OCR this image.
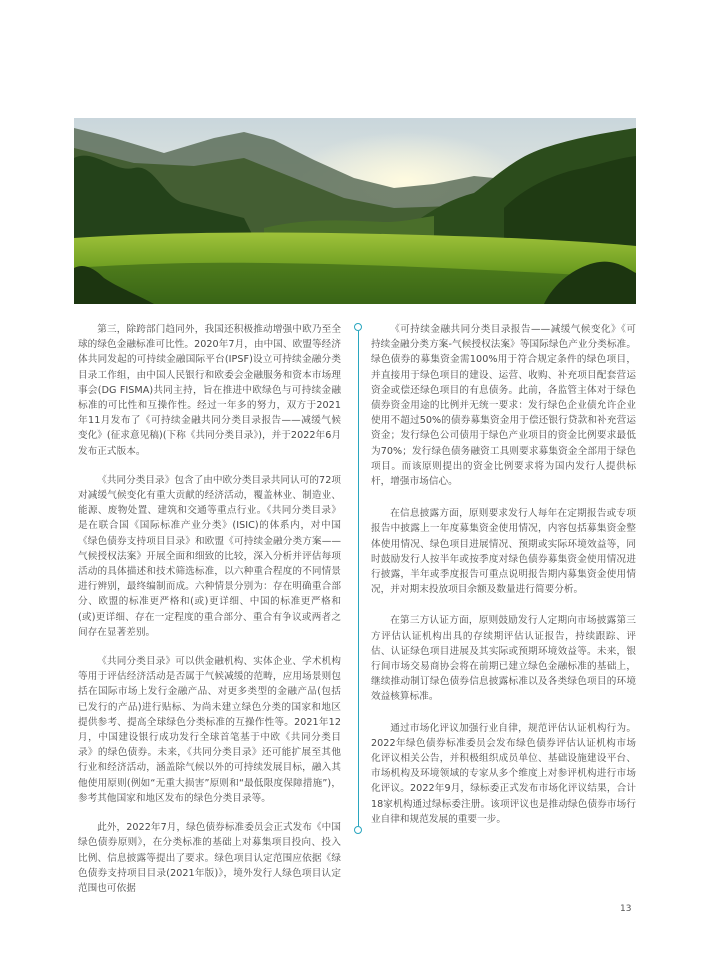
第三，除跨部门趋同外，我国还积极推动增强中欧乃至全球的绿色金融标准可比性。2020年7月，由中国、欧盟等经济体共同发起的可持续金融国际平台(IPSF)设立可持续金融分类目录工作组，由中国人民银行和欧委会金融服务和资本市场理事会(DG FISMA)共同主持，旨在推进中欧绿色与可持续金融标准的可比性和互操作性。经过一年多的努力，双方于2021年11月发布了《可持续金融共同分类目录报告——减缓气候变化》(征求意见稿)(下称《共同分类目录》)，并于2022年6月发布正式版本。

《共同分类目录》包含了由中欧分类目录共同认可的72项对减缓气候变化有重大贡献的经济活动，覆盖林业、制造业、能源、废物处置、建筑和交通等重点行业。《共同分类目录》是在联合国《国际标准产业分类》(ISIC)的体系内，对中国《绿色债券支持项目目录》和欧盟《可持续金融分类方案——气候授权法案》开展全面和细致的比较，深入分析并评估每项活动的具体描述和技术筛选标准，以六种重合程度的不同情景进行辨别，最终编制而成。六种情景分别为：存在明确重合部分、欧盟的标准更严格和(或)更详细、中国的标准更严格和(或)更详细、存在一定程度的重合部分、重合有争议或两者之间存在显著差别。

《共同分类目录》可以供金融机构、实体企业、学术机构等用于评估经济活动是否属于气候减缓的范畴，应用场景则包括在国际市场上发行金融产品、对更多类型的金融产品(包括已发行的产品)进行贴标、为尚未建立绿色分类的国家和地区提供参考、提高全球绿色分类标准的互操作性等。2021年12月，中国建设银行成功发行全球首笔基于中欧《共同分类目录》的绿色债券。未来，《共同分类目录》还可能扩展至其他行业和经济活动，涵盖除气候以外的可持续发展目标，融入其他使用原则(例如“无重大损害”原则和“最低限度保障措施”)，参考其他国家和地区发布的绿色分类目录等。

此外，2022年7月，绿色债券标准委员会正式发布《中国绿色债券原则》，在分类标准的基础上对募集项目投向、投入比例、信息披露等提出了要求。绿色项目认定范围应依据《绿色债券支持项目目录(2021年版)》，境外发行人绿色项目认定范围也可依据

《可持续金融共同分类目录报告——减缓气候变化》《可持续金融分类方案-气候授权法案》等国际绿色产业分类标准。绿色债券的募集资金需100%用于符合规定条件的绿色项目，并直接用于绿色项目的建设、运营、收购、补充项目配套营运资金或偿还绿色项目的有息债务。此前，各监管主体对于绿色债券资金用途的比例并无统一要求：发行绿色企业债允许企业使用不超过50%的债券募集资金用于偿还银行贷款和补充营运资金；发行绿色公司债用于绿色产业项目的资金比例要求最低为70%；发行绿色债务融资工具则要求募集资金全部用于绿色项目。而该原则提出的资金比例要求将为国内发行人提供标杆，增强市场信心。

在信息披露方面，原则要求发行人每年在定期报告或专项报告中披露上一年度募集资金使用情况，内容包括募集资金整体使用情况、绿色项目进展情况、预期或实际环境效益等，同时鼓励发行人按半年或按季度对绿色债券募集资金使用情况进行披露，半年或季度报告可重点说明报告期内募集资金使用情况，并对期末投放项目余额及数量进行简要分析。

在第三方认证方面，原则鼓励发行人定期向市场披露第三方评估认证机构出具的存续期评估认证报告，持续跟踪、评估、认证绿色项目进展及其实际或预期环境效益等。未来，银行间市场交易商协会将在前期已建立绿色金融标准的基础上，继续推动制订绿色债券信息披露标准以及各类绿色项目的环境效益核算标准。

通过市场化评议加强行业自律，规范评估认证机构行为。2022年绿色债券标准委员会发布绿色债券评估认证机构市场化评议相关公告，并积极组织成员单位、基础设施建设平台、市场机构及环境领域的专家从多个维度上对参评机构进行市场化评议。2022年9月，绿标委正式发布市场化评议结果，合计18家机构通过绿标委注册。该项评议也是推动绿色债券市场行业自律和规范发展的重要一步。

13
